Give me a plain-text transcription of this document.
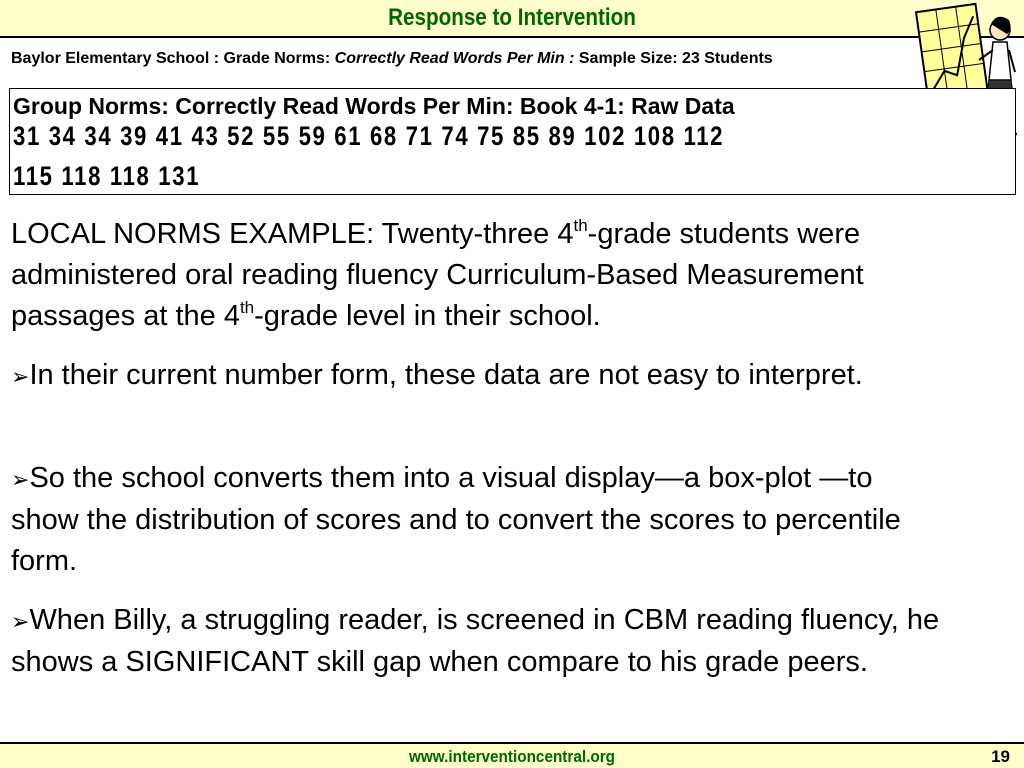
Response to Intervention
Baylor Elementary School : Grade Norms: Correctly Read Words Per Min : Sample Size: 23 Students
Group Norms: Correctly Read Words Per Min: Book 4-1: Raw Data
31 34 34 39 41 43 52 55 59 61 68 71 74 75 85 89 102 108 112
115 118 118 131
LOCAL NORMS EXAMPLE: Twenty-three 4th-grade students were administered oral reading fluency Curriculum-Based Measurement passages at the 4th-grade level in their school.
➢In their current number form, these data are not easy to interpret.
➢So the school converts them into a visual display—a box-plot —to show the distribution of scores and to convert the scores to percentile form.
➢When Billy, a struggling reader, is screened in CBM reading fluency, he shows a SIGNIFICANT skill gap when compare to his grade peers.
www.interventioncentral.org	19
